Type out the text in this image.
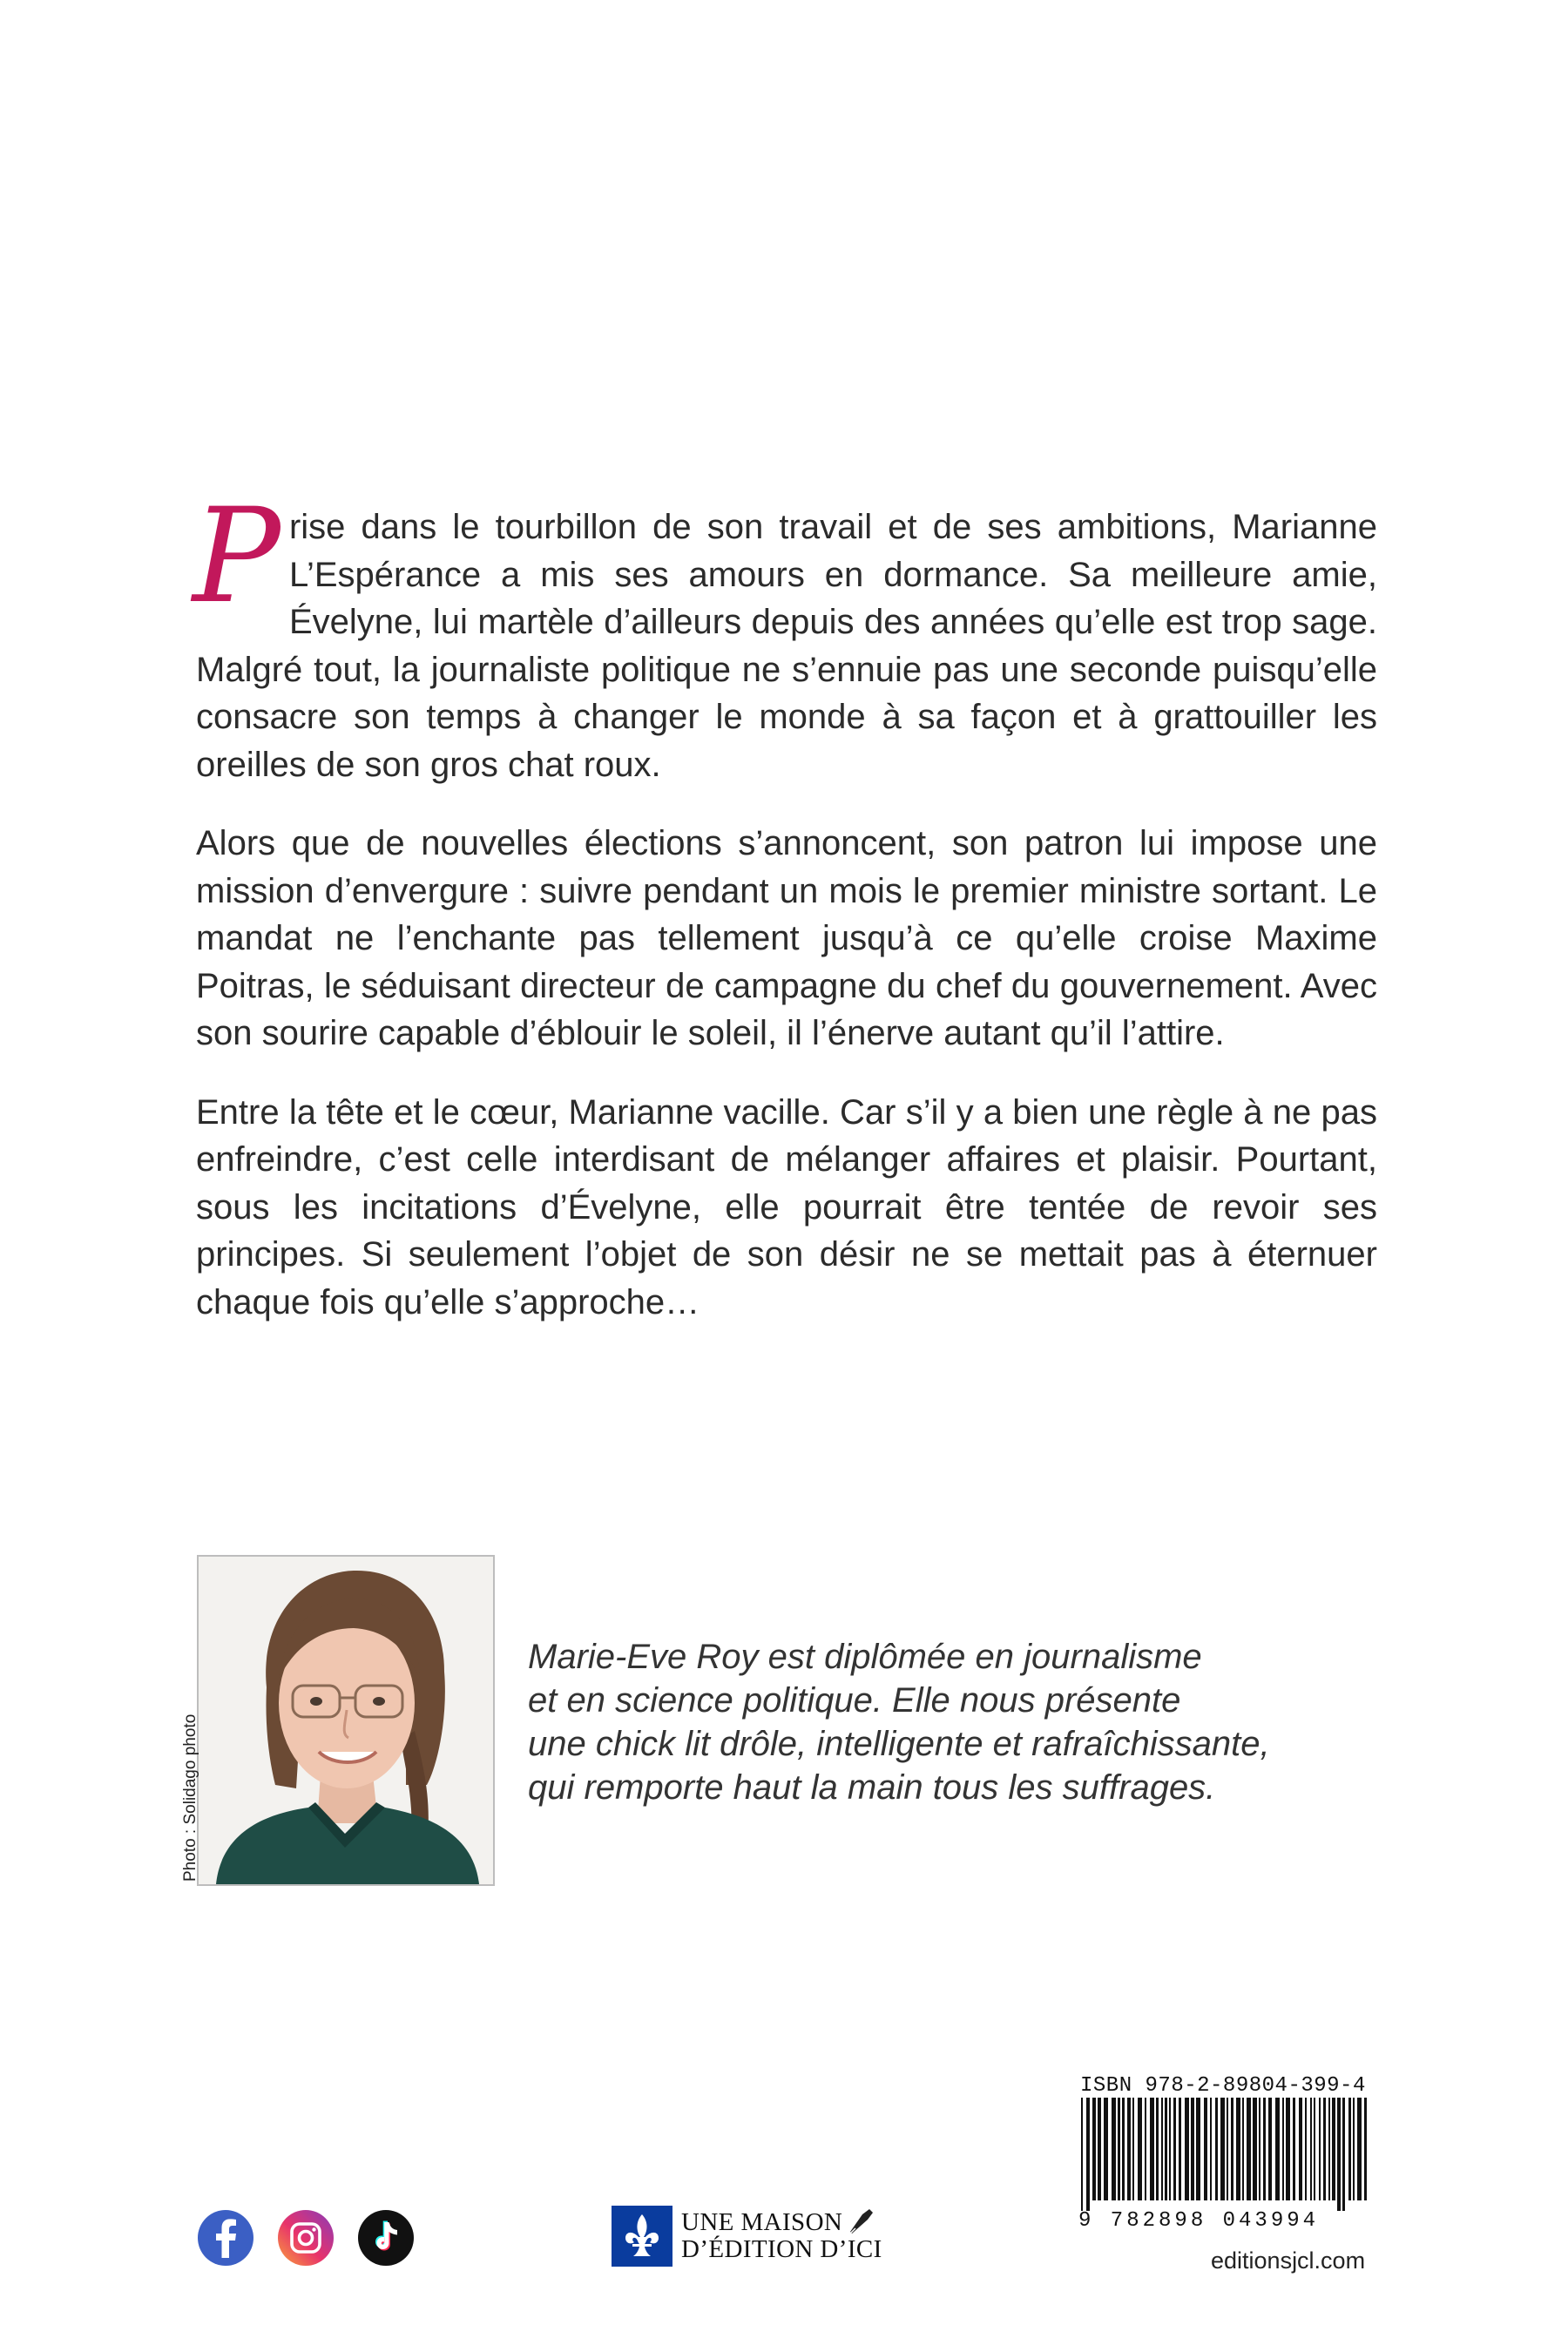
Prise dans le tourbillon de son travail et de ses ambitions, Marianne L’Espérance a mis ses amours en dormance. Sa meilleure amie, Évelyne, lui martèle d’ailleurs depuis des années qu’elle est trop sage. Malgré tout, la journaliste politique ne s’ennuie pas une seconde puisqu’elle consacre son temps à changer le monde à sa façon et à grattouiller les oreilles de son gros chat roux.

Alors que de nouvelles élections s’annoncent, son patron lui impose une mission d’envergure : suivre pendant un mois le premier ministre sortant. Le mandat ne l’enchante pas tellement jusqu’à ce qu’elle croise Maxime Poitras, le séduisant directeur de campagne du chef du gouvernement. Avec son sourire capable d’éblouir le soleil, il l’énerve autant qu’il l’attire.

Entre la tête et le cœur, Marianne vacille. Car s’il y a bien une règle à ne pas enfreindre, c’est celle interdisant de mélanger affaires et plaisir. Pourtant, sous les incitations d’Évelyne, elle pourrait être tentée de revoir ses principes. Si seulement l’objet de son désir ne se mettait pas à éternuer chaque fois qu’elle s’approche…

Photo : Solidago photo
Marie-Eve Roy est diplômée en journalisme
et en science politique. Elle nous présente
une chick lit drôle, intelligente et rafraîchissante,
qui remporte haut la main tous les suffrages.
ISBN 978-2-89804-399-4
9 782898 043994
editionsjcl.com
UNE MAISON
D’ÉDITION D’ICI
